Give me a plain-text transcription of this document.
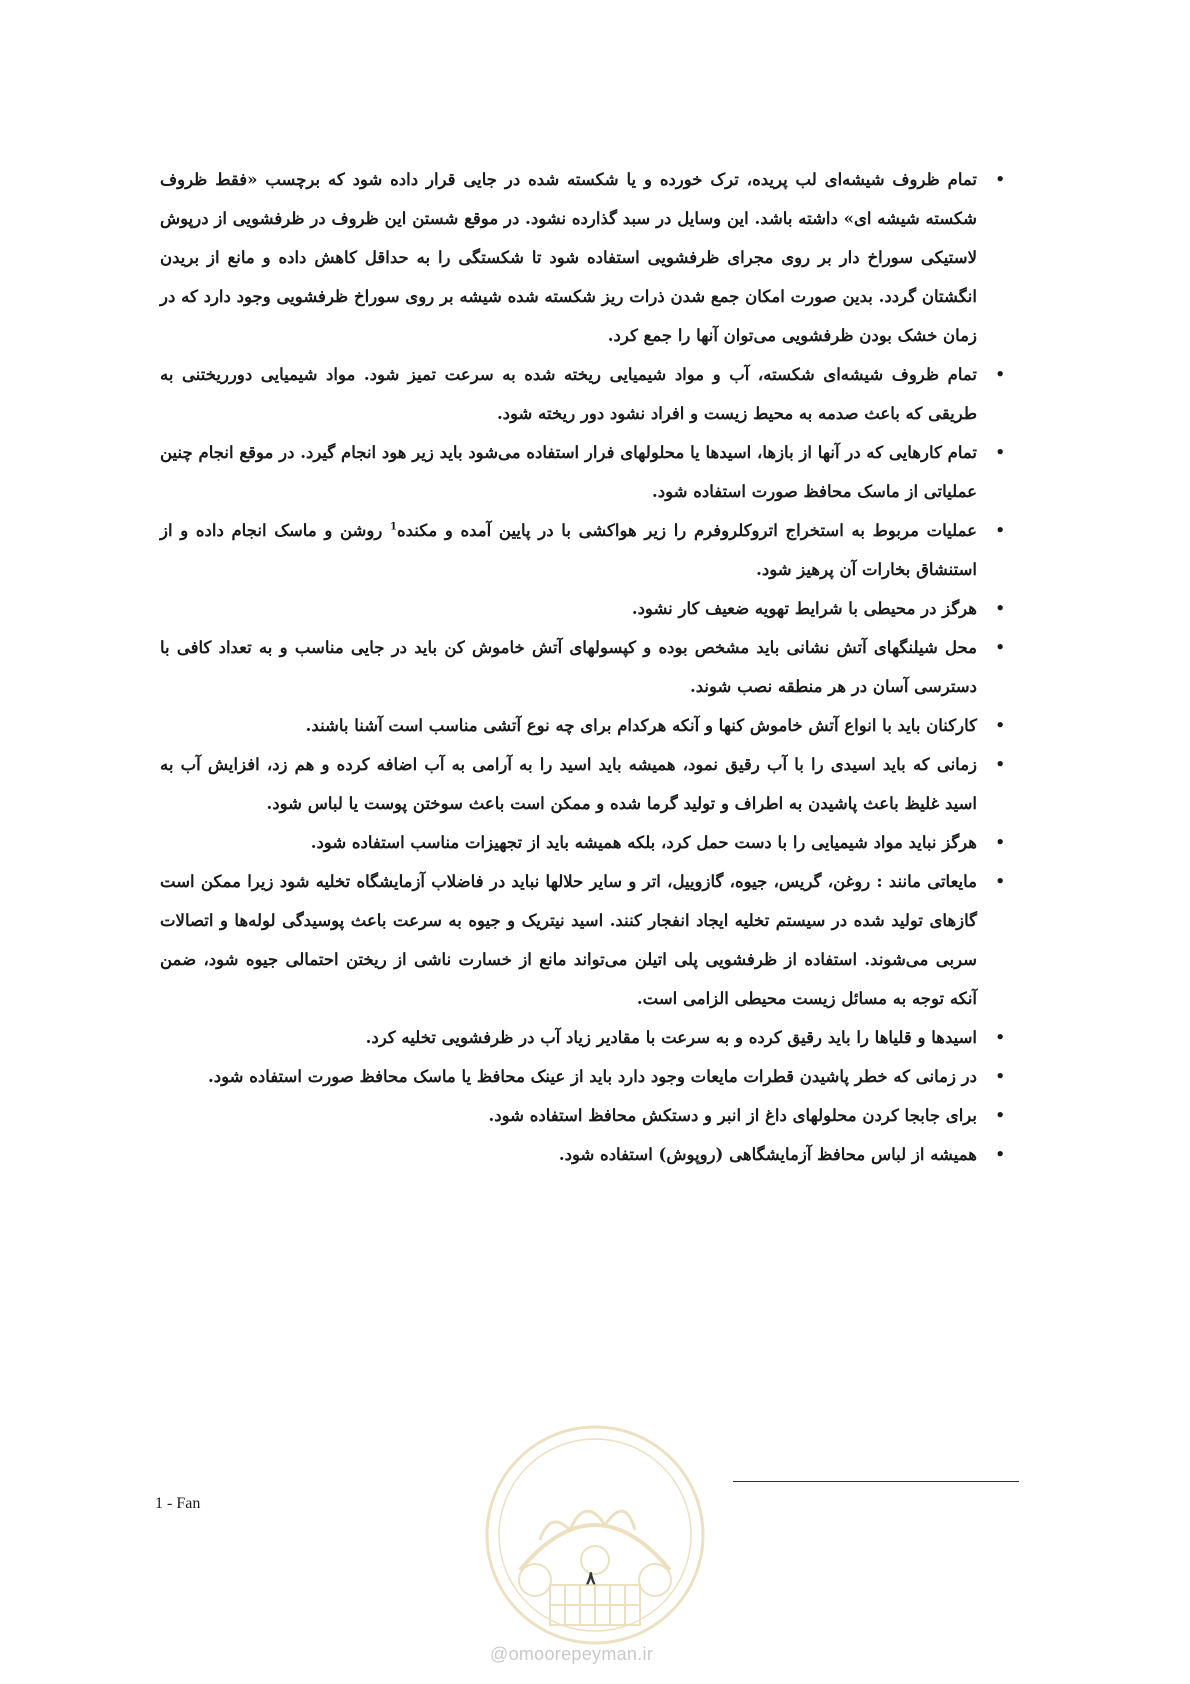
•
تمام ظروف شیشه‌ای لب پریده، ترک خورده و یا شکسته شده در جایی قرار داده شود که برچسب «فقط ظروف شکسته شیشه ای» داشته باشد. این وسایل در سبد گذارده نشود. در موقع شستن این ظروف در ظرفشویی از درپوش لاستیکی سوراخ دار بر روی مجرای ظرفشویی استفاده شود تا شکستگی را به حداقل کاهش داده و مانع از بریدن انگشتان گردد. بدین صورت امکان جمع شدن ذرات ریز شکسته شده شیشه بر روی سوراخ ظرفشویی وجود دارد که در زمان خشک بودن ظرفشویی می‌توان آنها را جمع کرد.
•
تمام ظروف شیشه‌ای شکسته، آب و مواد شیمیایی ریخته شده به سرعت تمیز شود. مواد شیمیایی دورریختنی به طریقی که باعث صدمه به محیط زیست و افراد نشود دور ریخته شود.
•
تمام کارهایی که در آنها از بازها، اسیدها یا محلولهای فرار استفاده می‌شود باید زیر هود انجام گیرد. در موقع انجام چنین عملیاتی از ماسک محافظ صورت استفاده شود.
•
عملیات مربوط به استخراج اتروکلروفرم را زیر هواکشی با در پایین آمده و مکنده$^1$ روشن و ماسک انجام داده و از استنشاق بخارات آن پرهیز شود.
•
هرگز در محیطی با شرایط تهویه ضعیف کار نشود.
•
محل شیلنگهای آتش نشانی باید مشخص بوده و کپسولهای آتش خاموش کن باید در جایی مناسب و به تعداد کافی با دسترسی آسان در هر منطقه نصب شوند.
•
کارکنان باید با انواع آتش خاموش کنها و آنکه هرکدام برای چه نوع آتشی مناسب است آشنا باشند.
•
زمانی که باید اسیدی را با آب رقیق نمود، همیشه باید اسید را به آرامی به آب اضافه کرده و هم زد، افزایش آب به اسید غلیظ باعث پاشیدن به اطراف و تولید گرما شده و ممکن است باعث سوختن پوست یا لباس شود.
•
هرگز نباید مواد شیمیایی را با دست حمل کرد، بلکه همیشه باید از تجهیزات مناسب استفاده شود.
•
مایعاتی مانند : روغن، گریس، جیوه، گازوییل، اتر و سایر حلالها نباید در فاضلاب آزمایشگاه تخلیه شود زیرا ممکن است گازهای تولید شده در سیستم تخلیه ایجاد انفجار کنند. اسید نیتریک و جیوه به سرعت باعث پوسیدگی لوله‌ها و اتصالات سربی می‌شوند. استفاده از ظرفشویی پلی اتیلن می‌تواند مانع از خسارت ناشی از ریختن احتمالی جیوه شود، ضمن آنکه توجه به مسائل زیست محیطی الزامی است.
•
اسیدها و قلیاها را باید رقیق کرده و به سرعت با مقادیر زیاد آب در ظرفشویی تخلیه کرد.
•
در زمانی که خطر پاشیدن قطرات مایعات وجود دارد باید از عینک محافظ یا ماسک محافظ صورت استفاده شود.
•
برای جابجا کردن محلولهای داغ از انبر و دستکش محافظ استفاده شود.
•
همیشه از لباس محافظ آزمایشگاهی (روپوش) استفاده شود.
1 - Fan
۸
@omoorepeyman.ir
